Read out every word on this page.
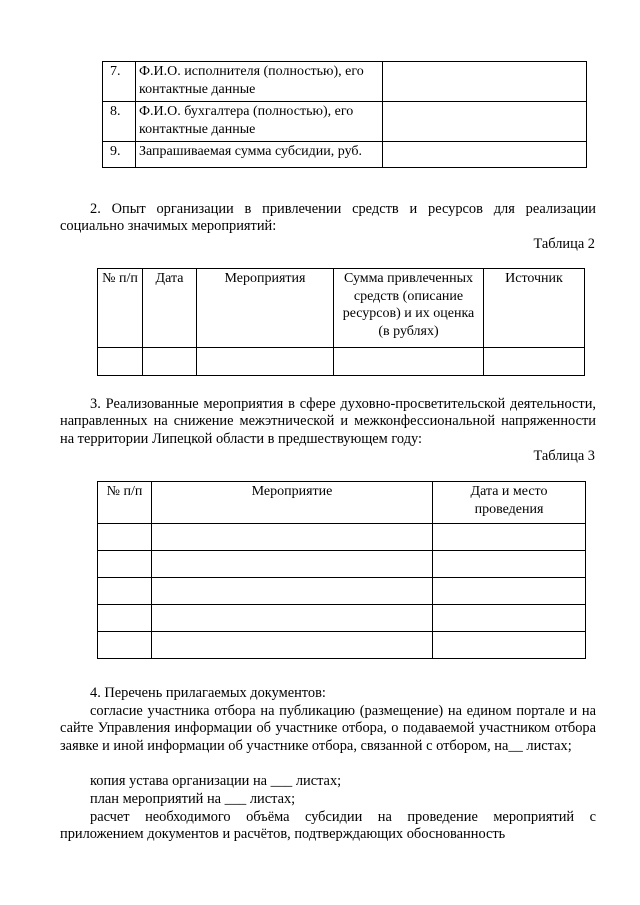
7.	Ф.И.О. исполнителя (полностью), его контактные данные	
8.	Ф.И.О. бухгалтера (полностью), его контактные данные	
9.	Запрашиваемая сумма субсидии, руб.	

2. Опыт организации в привлечении средств и ресурсов для реализации социально значимых мероприятий:

Таблица 2
№ п/п	Дата	Мероприятия	Сумма привлеченных средств (описание ресурсов) и их оценка (в рублях)	Источник

3. Реализованные мероприятия в сфере духовно-просветительской деятельности, направленных на снижение межэтнической и межконфессиональной напряженности на территории Липецкой области в предшествующем году:

Таблица 3
№ п/п	Мероприятие	Дата и место проведения

4. Перечень прилагаемых документов:

согласие участника отбора на публикацию (размещение) на едином портале и на сайте Управления информации об участнике отбора, о подаваемой участником отбора заявке и иной информации об участнике отбора, связанной с отбором, на__ листах;

копия устава организации на ___ листах;

план мероприятий на ___ листах;

расчет необходимого объёма субсидии на проведение мероприятий с приложением документов и расчётов, подтверждающих обоснованность
